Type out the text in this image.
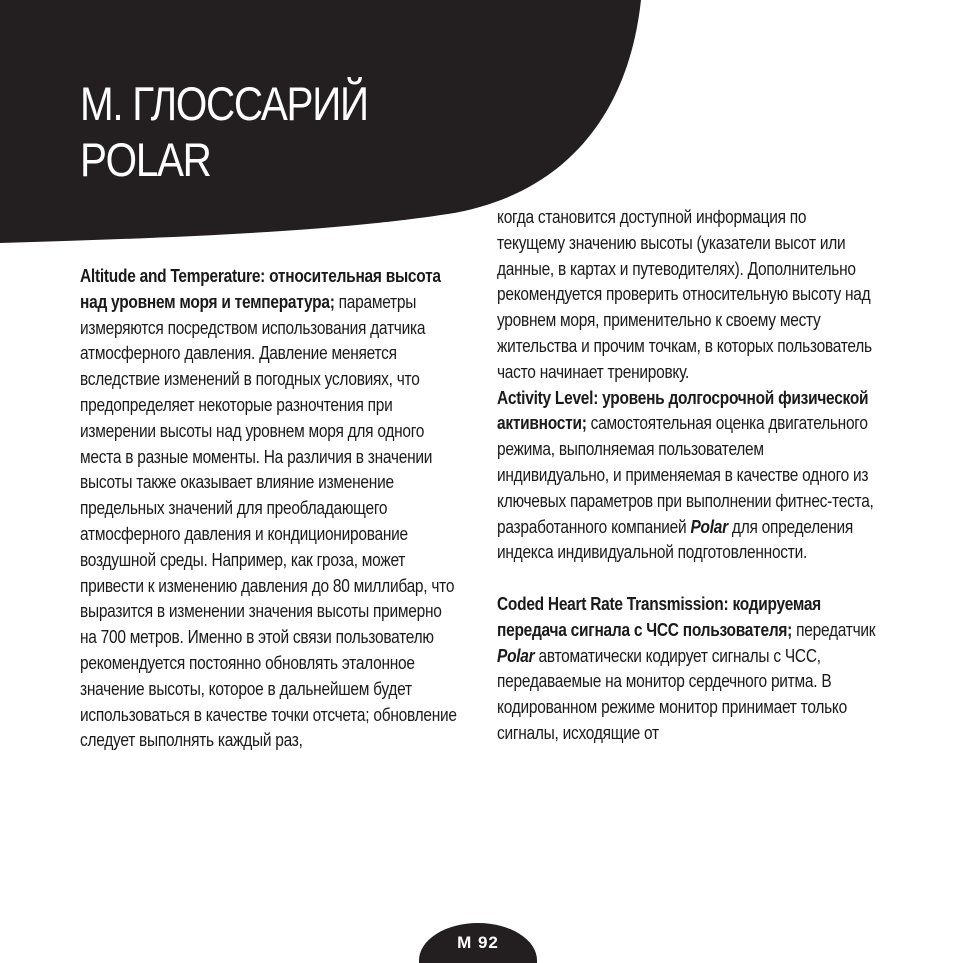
M. ГЛОССАРИЙ
POLAR

Altitude and Temperature: относительная высота над уровнем моря и температура; параметры измеряются посредством использования датчика атмосферного давления. Давление меняется вследствие изменений в погодных условиях, что предопределяет некоторые разночтения при измерении высоты над уровнем моря для одного места в разные моменты. На различия в значении высоты также оказывает влияние изменение предельных значений для преобладающего атмосферного давления и кондиционирование воздушной среды. Например, как гроза, может привести к изменению давления до 80 миллибар, что выразится в изменении значения высоты примерно на 700 метров. Именно в этой связи пользователю рекомендуется постоянно обновлять эталонное значение высоты, которое в дальнейшем будет использоваться в качестве точки отсчета; обновление следует выполнять каждый раз,

когда становится доступной информация по текущему значению высоты (указатели высот или данные, в картах и путеводителях). Дополнительно рекомендуется проверить относительную высоту над уровнем моря, применительно к своему месту жительства и прочим точкам, в которых пользователь часто начинает тренировку.
Activity Level: уровень долгосрочной физической активности; самостоятельная оценка двигательного режима, выполняемая пользователем индивидуально, и применяемая в качестве одного из ключевых параметров при выполнении фитнес-теста, разработанного компанией Polar для определения индекса индивидуальной подготовленности.
Coded Heart Rate Transmission: кодируемая передача сигнала с ЧСС пользователя; передатчик Polar автоматически кодирует сигналы с ЧСС, передаваемые на монитор сердечного ритма. В кодированном режиме монитор принимает только сигналы, исходящие от
M 92
